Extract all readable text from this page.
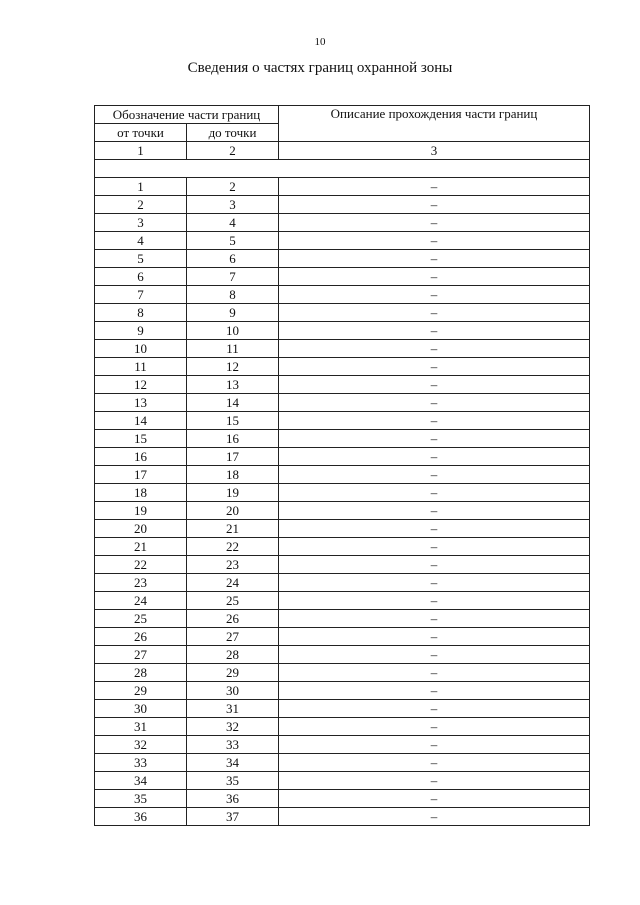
10
Сведения о частях границ охранной зоны
Обозначение части границ		Описание прохождения части границ
от точки	до точки	
1	2	3

1	2	–
2	3	–
3	4	–
4	5	–
5	6	–
6	7	–
7	8	–
8	9	–
9	10	–
10	11	–
11	12	–
12	13	–
13	14	–
14	15	–
15	16	–
16	17	–
17	18	–
18	19	–
19	20	–
20	21	–
21	22	–
22	23	–
23	24	–
24	25	–
25	26	–
26	27	–
27	28	–
28	29	–
29	30	–
30	31	–
31	32	–
32	33	–
33	34	–
34	35	–
35	36	–
36	37	–
